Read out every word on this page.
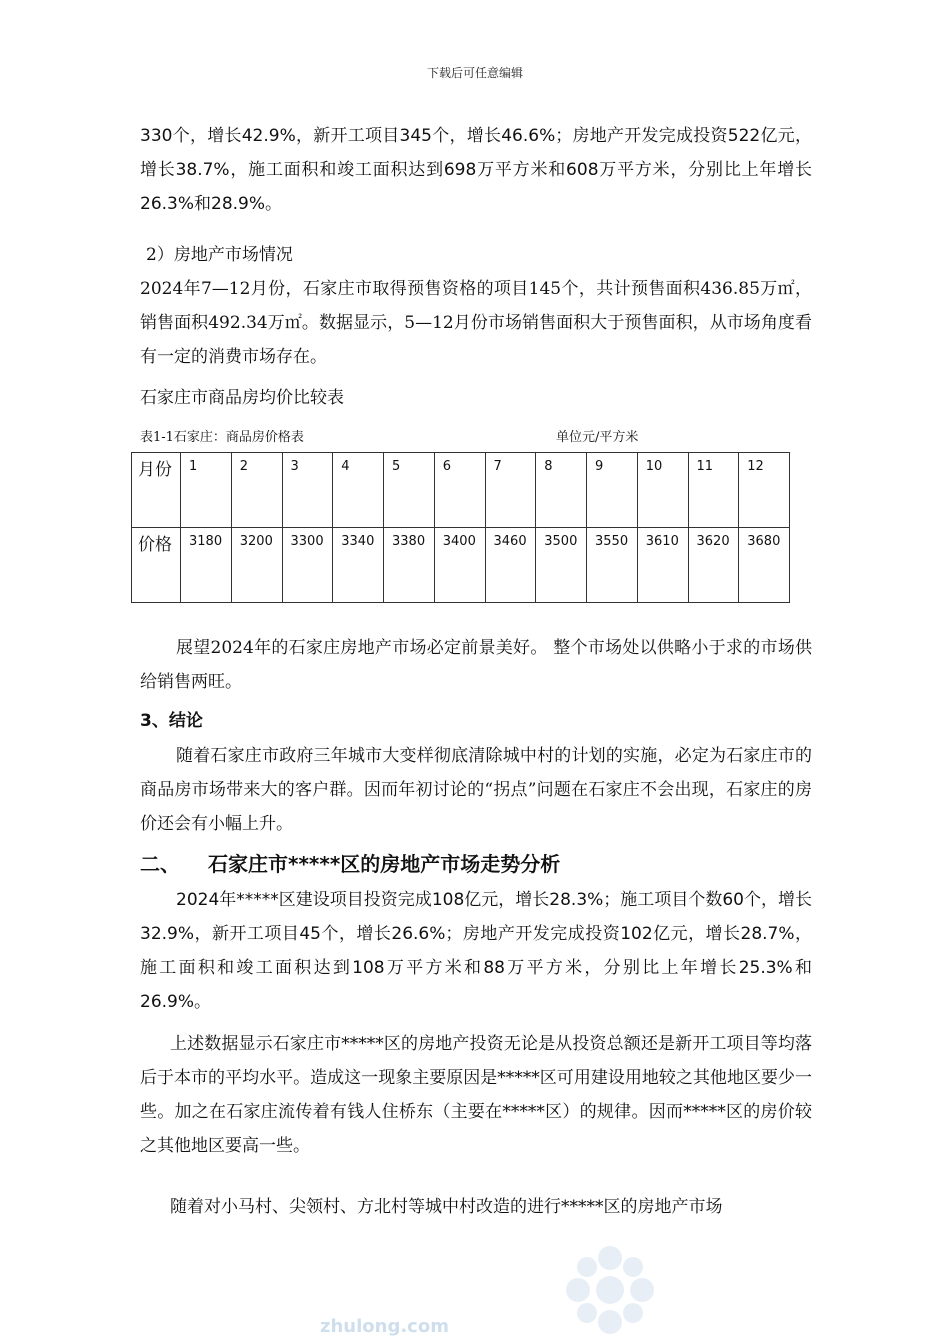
下载后可任意编辑

330个，增长42.9%，新开工项目345个，增长46.6%；房地产开发完成投资522亿元，增长38.7%，施工面积和竣工面积达到698万平方米和608万平方米，分别比上年增长26.3%和28.9%。

2）房地产市场情况

2024年7—12月份，石家庄市取得预售资格的项目145个，共计预售面积436.85万㎡，销售面积492.34万㎡。数据显示，5—12月份市场销售面积大于预售面积，从市场角度看有一定的消费市场存在。

石家庄市商品房均价比较表

表1-1石家庄：商品房价格表	单位元/平方米
月份	1	2	3	4	5	6	7	8	9	10	11	12
价格	3180	3200	3300	3340	3380	3400	3460	3500	3550	3610	3620	3680

展望2024年的石家庄房地产市场必定前景美好。 整个市场处以供略小于求的市场供给销售两旺。

3、结论

随着石家庄市政府三年城市大变样彻底清除城中村的计划的实施，必定为石家庄市的商品房市场带来大的客户群。因而年初讨论的“拐点”问题在石家庄不会出现，石家庄的房价还会有小幅上升。

二、 石家庄市*****区的房地产市场走势分析

2024年*****区建设项目投资完成108亿元，增长28.3%；施工项目个数60个，增长32.9%，新开工项目45个，增长26.6%；房地产开发完成投资102亿元，增长28.7%，施工面积和竣工面积达到108万平方米和88万平方米，分别比上年增长25.3%和26.9%。

上述数据显示石家庄市*****区的房地产投资无论是从投资总额还是新开工项目等均落后于本市的平均水平。造成这一现象主要原因是*****区可用建设用地较之其他地区要少一些。加之在石家庄流传着有钱人住桥东（主要在*****区）的规律。因而*****区的房价较之其他地区要高一些。

随着对小马村、尖领村、方北村等城中村改造的进行*****区的房地产市场

zhulong.com
